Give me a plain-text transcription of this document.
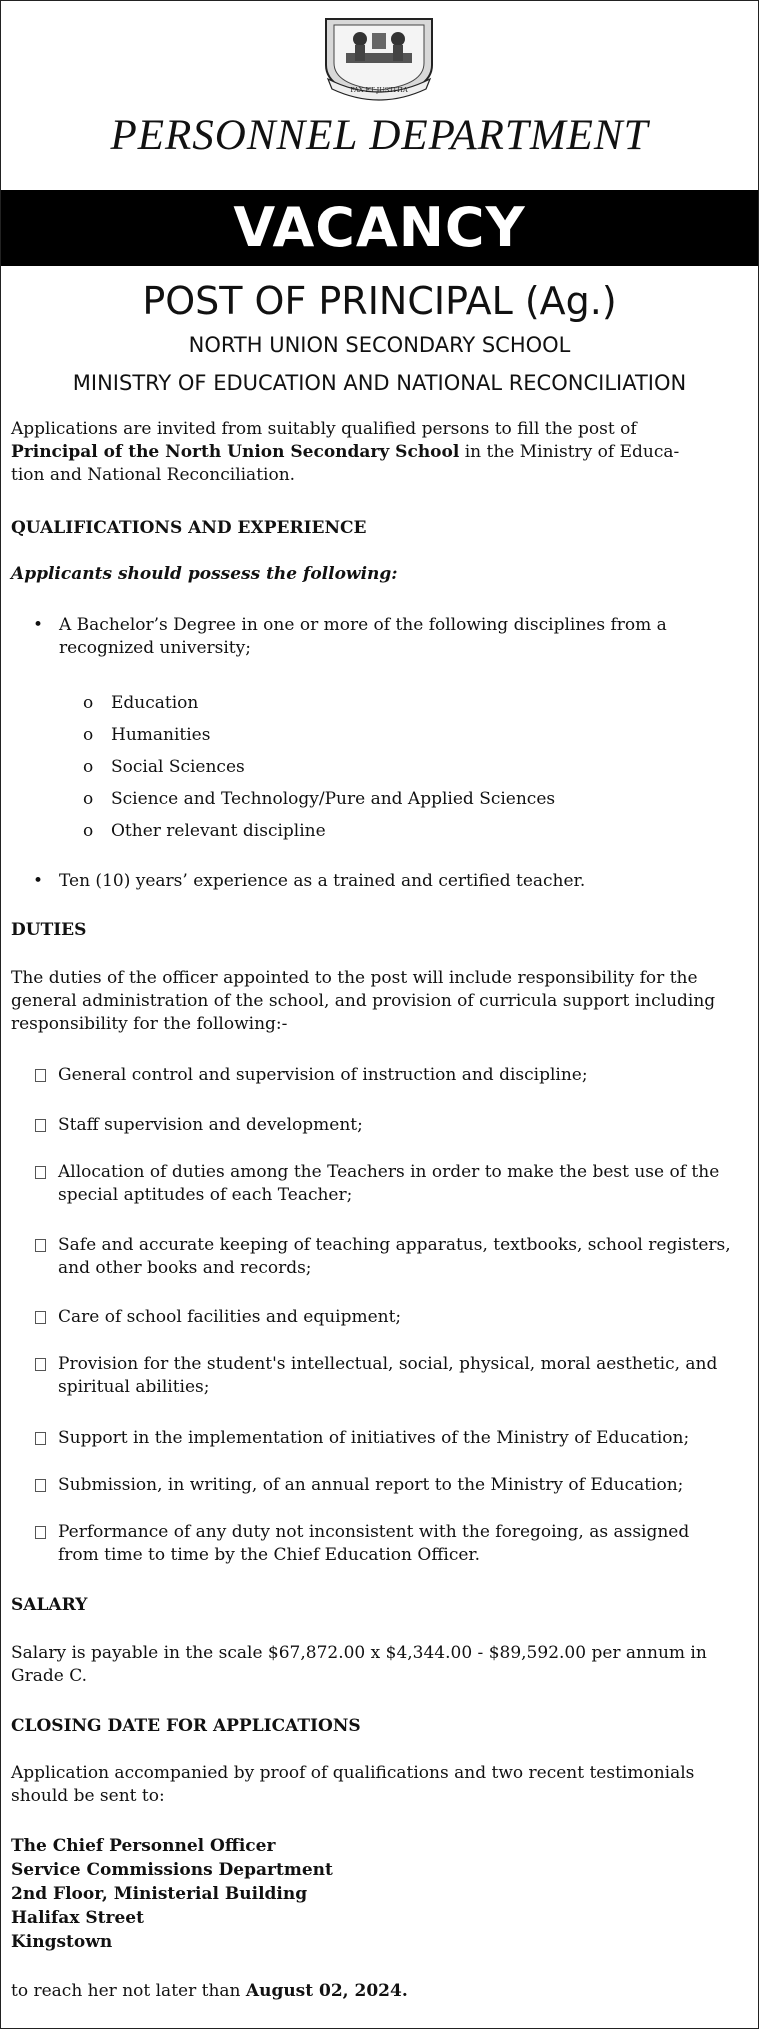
PAX ET JUSTITIA
PERSONNEL DEPARTMENT
VACANCY
POST OF PRINCIPAL (Ag.)
NORTH UNION SECONDARY SCHOOL
MINISTRY OF EDUCATION AND NATIONAL RECONCILIATION
Applications are invited from suitably qualified persons to fill the post of
Principal of the North Union Secondary School in the Ministry of Educa-
tion and National Reconciliation.
QUALIFICATIONS AND EXPERIENCE
Applicants should possess the following:
• A Bachelor’s Degree in one or more of the following disciplines from a
recognized university;
o Education
o Humanities
o Social Sciences
o Science and Technology/Pure and Applied Sciences
o Other relevant discipline
• Ten (10) years’ experience as a trained and certified teacher.
DUTIES
The duties of the officer appointed to the post will include responsibility for the
general administration of the school, and provision of curricula support including
responsibility for the following:-
General control and supervision of instruction and discipline;
Staff supervision and development;
Allocation of duties among the Teachers in order to make the best use of the
special aptitudes of each Teacher;
Safe and accurate keeping of teaching apparatus, textbooks, school registers,
and other books and records;
Care of school facilities and equipment;
Provision for the student's intellectual, social, physical, moral aesthetic, and
spiritual abilities;
Support in the implementation of initiatives of the Ministry of Education;
Submission, in writing, of an annual report to the Ministry of Education;
Performance of any duty not inconsistent with the foregoing, as assigned
from time to time by the Chief Education Officer.
SALARY
Salary is payable in the scale $67,872.00 x $4,344.00 - $89,592.00 per annum in
Grade C.
CLOSING DATE FOR APPLICATIONS
Application accompanied by proof of qualifications and two recent testimonials
should be sent to:
The Chief Personnel Officer
Service Commissions Department
2nd Floor, Ministerial Building
Halifax Street
Kingstown
to reach her not later than August 02, 2024.
